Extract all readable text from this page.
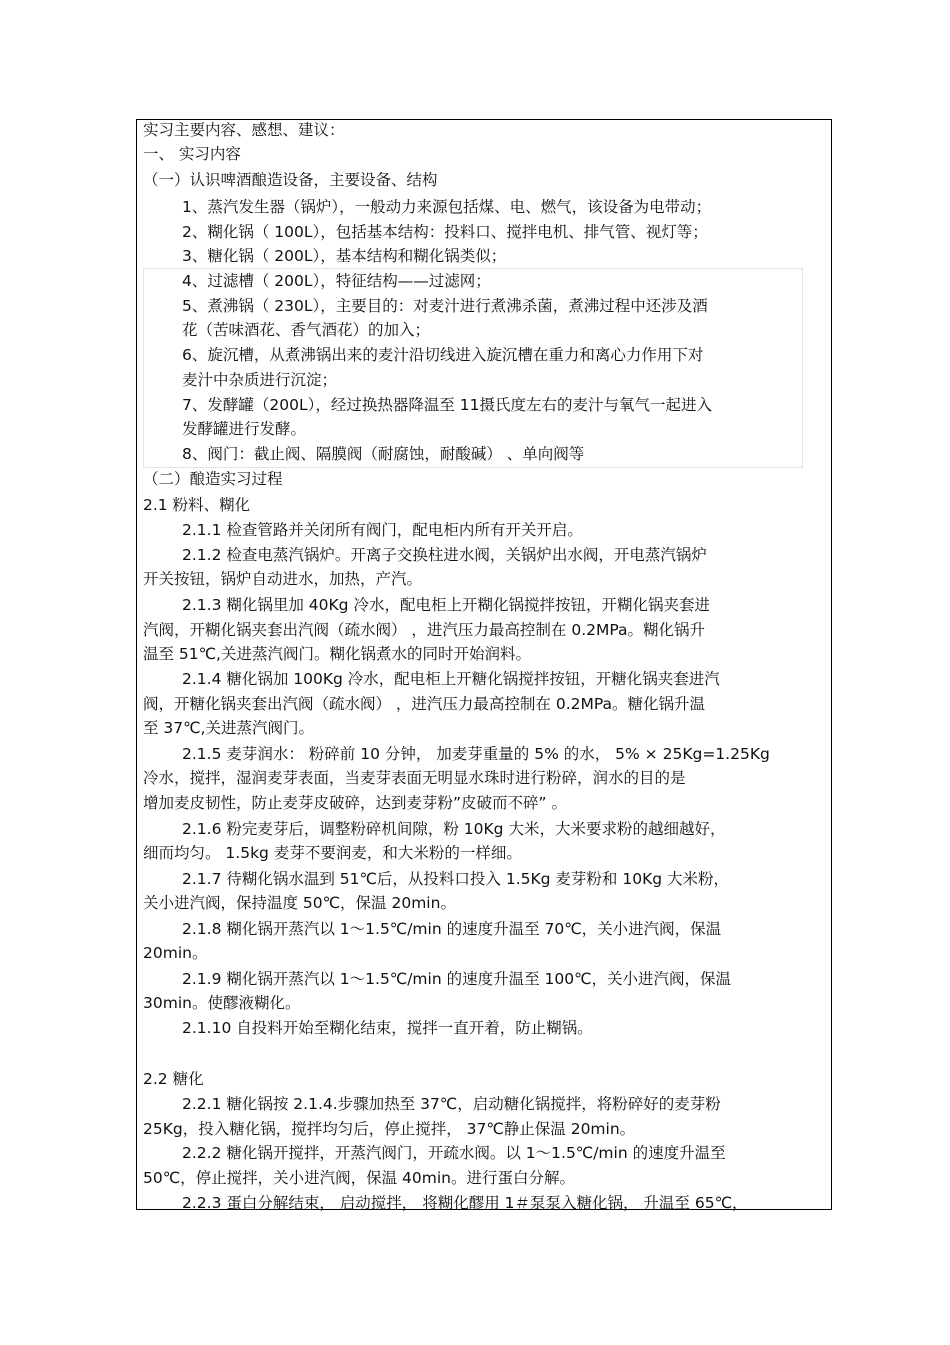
实习主要内容、感想、建议：
一、 实习内容
（一）认识啤酒酿造设备，主要设备、结构
1、蒸汽发生器（锅炉），一般动力来源包括煤、电、燃气，该设备为电带动；
2、糊化锅（ 100L），包括基本结构：投料口、搅拌电机、排气管、视灯等；
3、糖化锅（ 200L），基本结构和糊化锅类似；
4、过滤槽（ 200L），特征结构——过滤网；
5、煮沸锅（ 230L），主要目的：对麦汁进行煮沸杀菌，煮沸过程中还涉及酒
花（苦味酒花、香气酒花）的加入；
6、旋沉槽，从煮沸锅出来的麦汁沿切线进入旋沉槽在重力和离心力作用下对
麦汁中杂质进行沉淀；
7、发酵罐（200L），经过换热器降温至 11摄氏度左右的麦汁与氧气一起进入
发酵罐进行发酵。
8、阀门：截止阀、隔膜阀（耐腐蚀，耐酸碱） 、单向阀等
（二）酿造实习过程
2.1 粉料、糊化
2.1.1 检查管路并关闭所有阀门，配电柜内所有开关开启。
2.1.2 检查电蒸汽锅炉。开离子交换柱进水阀，关锅炉出水阀，开电蒸汽锅炉
开关按钮，锅炉自动进水，加热，产汽。
2.1.3 糊化锅里加 40Kg 冷水，配电柜上开糊化锅搅拌按钮，开糊化锅夹套进
汽阀，开糊化锅夹套出汽阀（疏水阀） ，进汽压力最高控制在 0.2MPa。糊化锅升
温至 51℃,关进蒸汽阀门。糊化锅煮水的同时开始润料。
2.1.4 糖化锅加 100Kg 冷水，配电柜上开糖化锅搅拌按钮，开糖化锅夹套进汽
阀，开糖化锅夹套出汽阀（疏水阀） ，进汽压力最高控制在 0.2MPa。糖化锅升温
至 37℃,关进蒸汽阀门。
2.1.5 麦芽润水： 粉碎前 10 分钟， 加麦芽重量的 5% 的水， 5% × 25Kg=1.25Kg
冷水，搅拌，湿润麦芽表面，当麦芽表面无明显水珠时进行粉碎，润水的目的是
增加麦皮韧性，防止麦芽皮破碎，达到麦芽粉”皮破而不碎” 。
2.1.6 粉完麦芽后，调整粉碎机间隙，粉 10Kg 大米，大米要求粉的越细越好，
细而均匀。 1.5kg 麦芽不要润麦，和大米粉的一样细。
2.1.7 待糊化锅水温到 51℃后，从投料口投入 1.5Kg 麦芽粉和 10Kg 大米粉，
关小进汽阀，保持温度 50℃，保温 20min。
2.1.8 糊化锅开蒸汽以 1～1.5℃/min 的速度升温至 70℃，关小进汽阀，保温
20min。
2.1.9 糊化锅开蒸汽以 1～1.5℃/min 的速度升温至 100℃，关小进汽阀，保温
30min。使醪液糊化。
2.1.10 自投料开始至糊化结束，搅拌一直开着，防止糊锅。
2.2 糖化
2.2.1 糖化锅按 2.1.4.步骤加热至 37℃，启动糖化锅搅拌，将粉碎好的麦芽粉
25Kg，投入糖化锅，搅拌均匀后，停止搅拌， 37℃静止保温 20min。
2.2.2 糖化锅开搅拌，开蒸汽阀门，开疏水阀。以 1～1.5℃/min 的速度升温至
50℃，停止搅拌，关小进汽阀，保温 40min。进行蛋白分解。
2.2.3 蛋白分解结束， 启动搅拌， 将糊化醪用 1＃泵泵入糖化锅， 升温至 65℃，
